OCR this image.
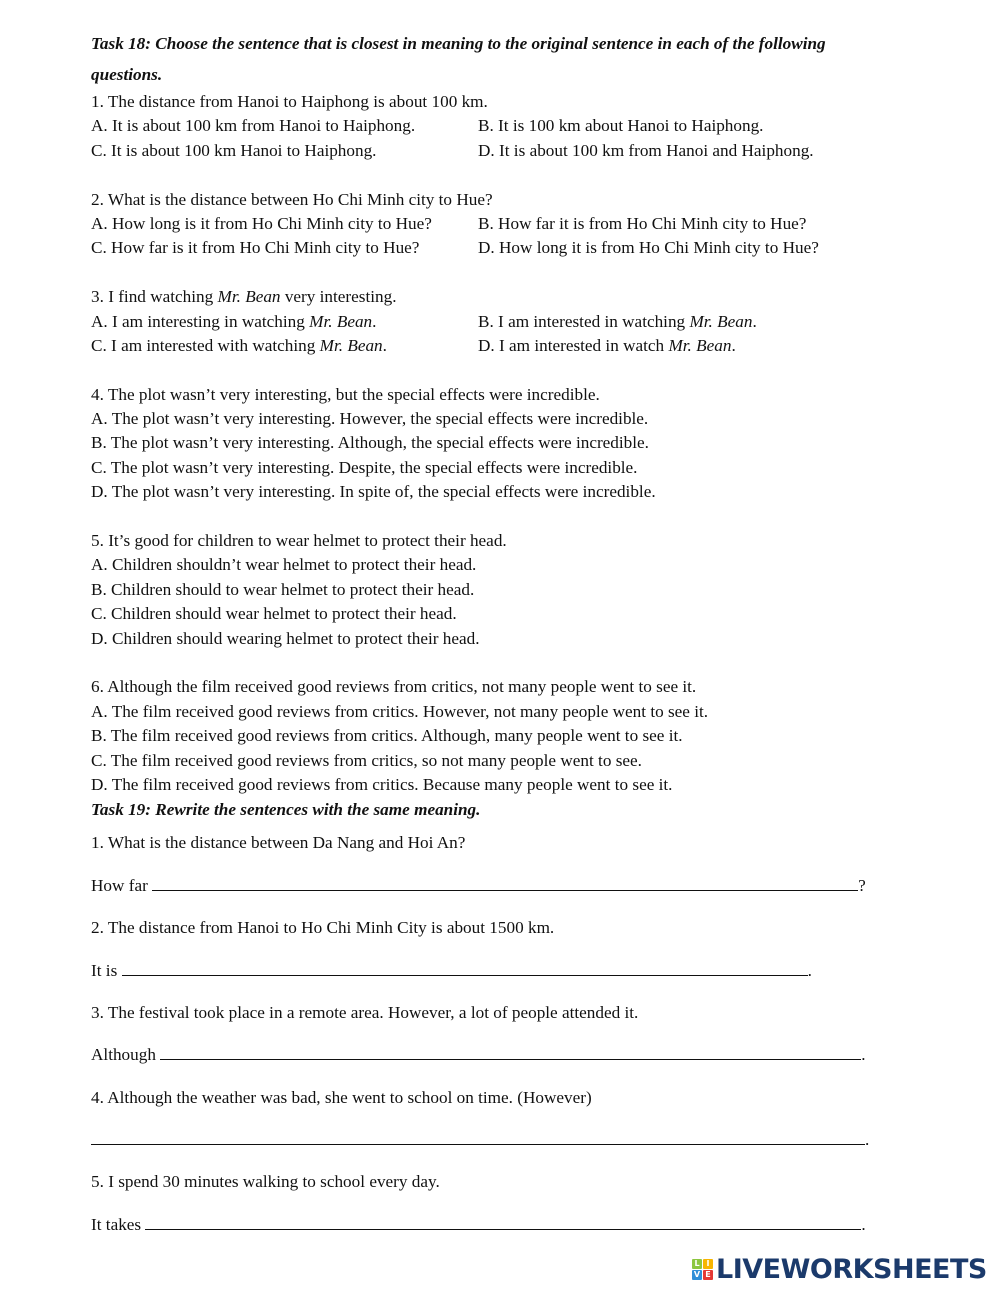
Task 18: Choose the sentence that is closest in meaning to the original sentence in each of the following questions.
1. The distance from Hanoi to Haiphong is about 100 km.
A. It is about 100 km from Hanoi to Haiphong.	B. It is 100 km about Hanoi to Haiphong.
C. It is about 100 km Hanoi to Haiphong.	D. It is about 100 km from Hanoi and Haiphong.
2. What is the distance between Ho Chi Minh city to Hue?
A. How long is it from Ho Chi Minh city to Hue?	B. How far it is from Ho Chi Minh city to Hue?
C. How far is it from Ho Chi Minh city to Hue?	D. How long it is from Ho Chi Minh city to Hue?
3. I find watching Mr. Bean very interesting.
A. I am interesting in watching Mr. Bean.	B. I am interested in watching Mr. Bean.
C. I am interested with watching Mr. Bean.	D. I am interested in watch Mr. Bean.
4. The plot wasn’t very interesting, but the special effects were incredible.
A. The plot wasn’t very interesting. However, the special effects were incredible.
B. The plot wasn’t very interesting. Although, the special effects were incredible.
C. The plot wasn’t very interesting. Despite, the special effects were incredible.
D. The plot wasn’t very interesting. In spite of, the special effects were incredible.
5. It’s good for children to wear helmet to protect their head.
A. Children shouldn’t wear helmet to protect their head.
B. Children should to wear helmet to protect their head.
C. Children should wear helmet to protect their head.
D. Children should wearing helmet to protect their head.
6. Although the film received good reviews from critics, not many people went to see it.
A. The film received good reviews from critics. However, not many people went to see it.
B. The film received good reviews from critics. Although, many people went to see it.
C. The film received good reviews from critics, so not many people went to see.
D. The film received good reviews from critics. Because many people went to see it.
Task 19: Rewrite the sentences with the same meaning.
1. What is the distance between Da Nang and Hoi An?
How far	?
2. The distance from Hanoi to Ho Chi Minh City is about 1500 km.
It is	.
3. The festival took place in a remote area. However, a lot of people attended it.
Although	.
4. Although the weather was bad, she went to school on time. (However)
.
5. I spend 30 minutes walking to school every day.
It takes	.
L I
V E LIVEWORKSHEETS
